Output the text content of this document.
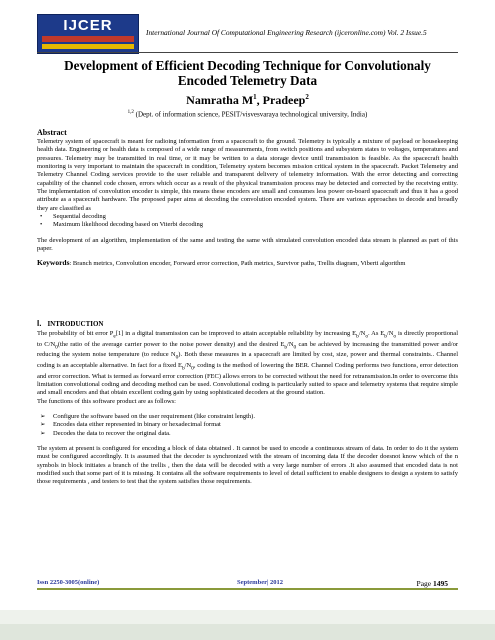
IJCER	International Journal Of Computational Engineering Research (ijceronline.com) Vol. 2 Issue.5
Development of Efficient Decoding Technique for Convolutionaly
Encoded Telemetry Data
Namratha $M^1$, Pradeep$^2$
$^{1,2}$ (Dept. of information science, PESIT/visvesvaraya technological university, India)
Abstract
Telemetry system of spacecraft is meant for radioing information from a spacecraft to the ground. Telemetry is typically a mixture of payload or housekeeping health data. Engineering or health data is composed of a wide range of measurements, from switch positions and subsystem states to voltages, temperatures and pressures. Telemetry may be transmitted in real time, or it may be written to a data storage device until transmission is feasible. As the spacecraft health monitoring is very important to maintain the spacecraft in condition, Telemetry system becomes mission critical system in the spacecraft. Packet Telemetry and Telemetry Channel Coding services provide to the user reliable and transparent delivery of telemetry information. With the error detecting and correcting capability of the channel code chosen, errors which occur as a result of the physical transmission process may be detected and corrected by the receiving entity. The implementation of convolution encoder is simple, this means these encoders are small and consumes less power on-board spacecraft and thus it has a good attribute as a spacecraft hardware. The proposed paper aims at decoding the convolution encoded system. There are various approaches to decode and broadly they are classified as
• Sequential decoding
• Maximum likelihood decoding based on Viterbi decoding
The development of an algorithm, implementation of the same and testing the same with simulated convolution encoded data stream is planned as part of this paper.
Keywords: Branch metrics, Convolution encoder, Forward error correction, Path metrics, Survivor paths, Trellis diagram, Viberti algorithm
I. INTRODUCTION
The probability of bit error $P_e[1]$ in a digital transmission can be improved to attain acceptable reliability by increasing $E_b/N_o$. As $E_b/N_o$ is directly proportional to $C/N_0(the$ ratio of the average carrier power to the noise power density) and the desired $E_b/N_0$ can be achieved by increasing the transmitted power and/or reducing the system noise temperature (to reduce $N_0$). Both these measures in a spacecraft are limited by cost, size, power and thermal constraints.. Channel coding is an acceptable alternative. In fact for a fixed $E_b/N_0$, coding is the method of lowering the BER. Channel Coding performs two functions, error detection and error correction. What is termed as forward error correction (FEC) allows errors to be corrected without the need for retransmission.In order to overcome this limitation convolutional coding and decoding method can be used. Convolutional coding is particularly suited to space and telemetry systems that require simple and small encoders and that obtain excellent coding gain by using sophisticated decoders at the ground station.
The functions of this software product are as follows:
➢ Configure the software based on the user requirement (like constraint length).
➢ Encodes data either represented in binary or hexadecimal format
➢ Decodes the data to recover the original data.
The system at present is configured for encoding a block of data obtained . It cannot be used to encode a continuous stream of data. In order to do it the system must be configured accordingly. It is assumed that the decoder is synchronized with the stream of incoming data If the decoder doesnot know which of the n symbols in block initiates a branch of the trellis , then the data will be decoded with a very large number of errors .It also assumed that encoded data is not modified such that some part of it is missing. It contains all the software requirements to level of detail sufficient to enable designers to design a system to satisfy those requirements , and testers to test that the system satisfies those requirements.
Issn 2250-3005(online)	September| 2012	Page 1495
